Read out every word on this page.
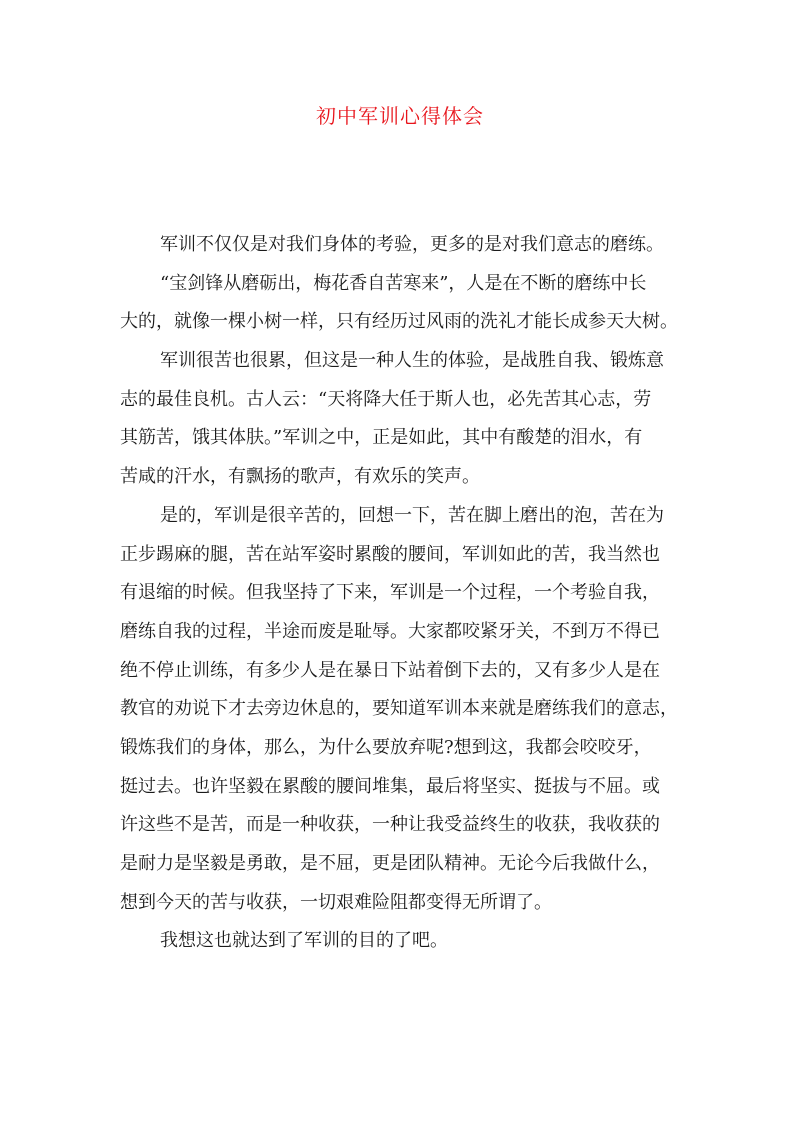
初中军训心得体会
军训不仅仅是对我们身体的考验，更多的是对我们意志的磨练。
“宝剑锋从磨砺出，梅花香自苦寒来”，人是在不断的磨练中长
大的，就像一棵小树一样，只有经历过风雨的洗礼才能长成参天大树。
军训很苦也很累，但这是一种人生的体验，是战胜自我、锻炼意
志的最佳良机。古人云：“天将降大任于斯人也，必先苦其心志，劳
其筋苦，饿其体肤。”军训之中，正是如此，其中有酸楚的泪水，有
苦咸的汗水，有飘扬的歌声，有欢乐的笑声。
是的，军训是很辛苦的，回想一下，苦在脚上磨出的泡，苦在为
正步踢麻的腿，苦在站军姿时累酸的腰间，军训如此的苦，我当然也
有退缩的时候。但我坚持了下来，军训是一个过程，一个考验自我，
磨练自我的过程，半途而废是耻辱。大家都咬紧牙关，不到万不得已
绝不停止训练，有多少人是在暴日下站着倒下去的，又有多少人是在
教官的劝说下才去旁边休息的，要知道军训本来就是磨练我们的意志，
锻炼我们的身体，那么，为什么要放弃呢?想到这，我都会咬咬牙，
挺过去。也许坚毅在累酸的腰间堆集，最后将坚实、挺拔与不屈。或
许这些不是苦，而是一种收获，一种让我受益终生的收获，我收获的
是耐力是坚毅是勇敢，是不屈，更是团队精神。无论今后我做什么，
想到今天的苦与收获，一切艰难险阻都变得无所谓了。
我想这也就达到了军训的目的了吧。
